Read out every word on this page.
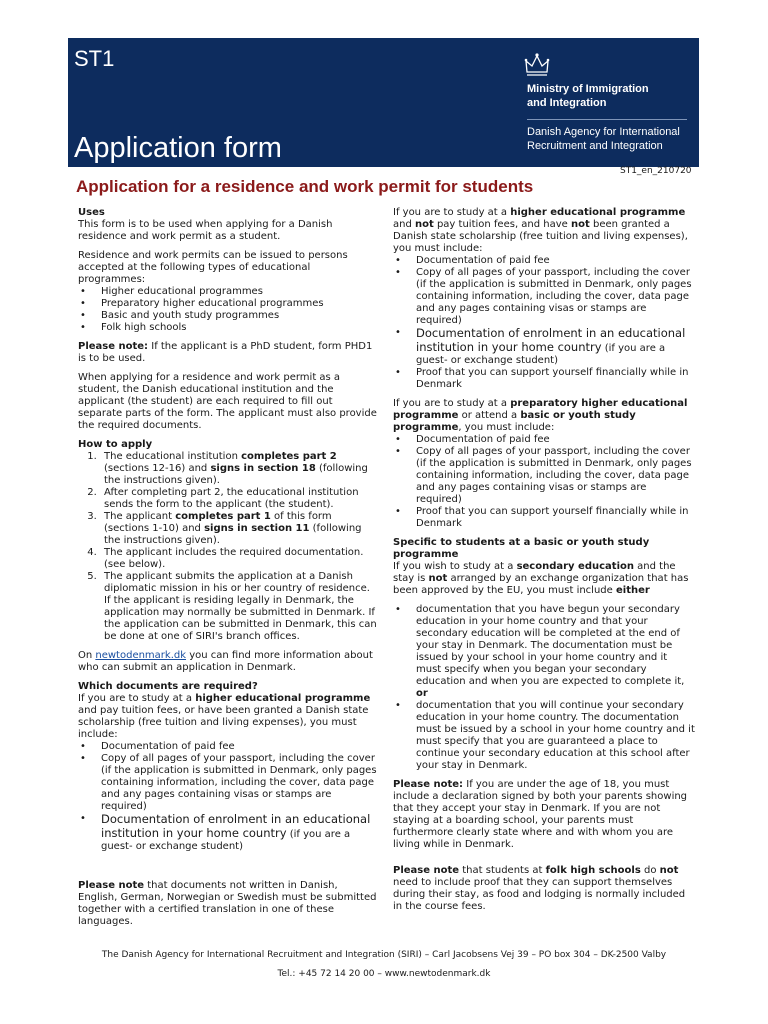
ST1
Application form
Ministry of Immigration
and Integration
Danish Agency for International
Recruitment and Integration
ST1_en_210720
Application for a residence and work permit for students
Uses

This form is to be used when applying for a Danish residence and work permit as a student.

Residence and work permits can be issued to persons accepted at the following types of educational programmes:
• Higher educational programmes
• Preparatory higher educational programmes
• Basic and youth study programmes
• Folk high schools

Please note: If the applicant is a PhD student, form PHD1 is to be used.

When applying for a residence and work permit as a student, the Danish educational institution and the applicant (the student) are each required to fill out separate parts of the form. The applicant must also provide the required documents.

How to apply
1. The educational institution completes part 2 (sections 12-16) and signs in section 18 (following the instructions given).
2. After completing part 2, the educational institution sends the form to the applicant (the student).
3. The applicant completes part 1 of this form (sections 1-10) and signs in section 11 (following the instructions given).
4. The applicant includes the required documentation. (see below).
5. The applicant submits the application at a Danish diplomatic mission in his or her country of residence. If the applicant is residing legally in Denmark, the application may normally be submitted in Denmark. If the application can be submitted in Denmark, this can be done at one of SIRI's branch offices.

On newtodenmark.dk you can find more information about who can submit an application in Denmark.

Which documents are required?
If you are to study at a higher educational programme and pay tuition fees, or have been granted a Danish state scholarship (free tuition and living expenses), you must include:
• Documentation of paid fee
• Copy of all pages of your passport, including the cover (if the application is submitted in Denmark, only pages containing information, including the cover, data page and any pages containing visas or stamps are required)
• Documentation of enrolment in an educational institution in your home country (if you are a guest- or exchange student)

Please note that documents not written in Danish, English, German, Norwegian or Swedish must be submitted together with a certified translation in one of these languages.

If you are to study at a higher educational programme and not pay tuition fees, and have not been granted a Danish state scholarship (free tuition and living expenses), you must include:
• Documentation of paid fee
• Copy of all pages of your passport, including the cover (if the application is submitted in Denmark, only pages containing information, including the cover, data page and any pages containing visas or stamps are required)
• Documentation of enrolment in an educational institution in your home country (if you are a guest- or exchange student)
• Proof that you can support yourself financially while in Denmark
If you are to study at a preparatory higher educational programme or attend a basic or youth study programme, you must include:
• Documentation of paid fee
• Copy of all pages of your passport, including the cover (if the application is submitted in Denmark, only pages containing information, including the cover, data page and any pages containing visas or stamps are required)
• Proof that you can support yourself financially while in Denmark
Specific to students at a basic or youth study programme

If you wish to study at a secondary education and the stay is not arranged by an exchange organization that has been approved by the EU, you must include either

• documentation that you have begun your secondary education in your home country and that your secondary education will be completed at the end of your stay in Denmark. The documentation must be issued by your school in your home country and it must specify when you began your secondary education and when you are expected to complete it,
or
• documentation that you will continue your secondary education in your home country. The documentation must be issued by a school in your home country and it must specify that you are guaranteed a place to continue your secondary education at this school after your stay in Denmark.

Please note: If you are under the age of 18, you must include a declaration signed by both your parents showing that they accept your stay in Denmark. If you are not staying at a boarding school, your parents must furthermore clearly state where and with whom you are living while in Denmark.

Please note that students at folk high schools do not need to include proof that they can support themselves during their stay, as food and lodging is normally included in the course fees.

The Danish Agency for International Recruitment and Integration (SIRI) – Carl Jacobsens Vej 39 – PO box 304 – DK-2500 Valby
Tel.: +45 72 14 20 00 – www.newtodenmark.dk
